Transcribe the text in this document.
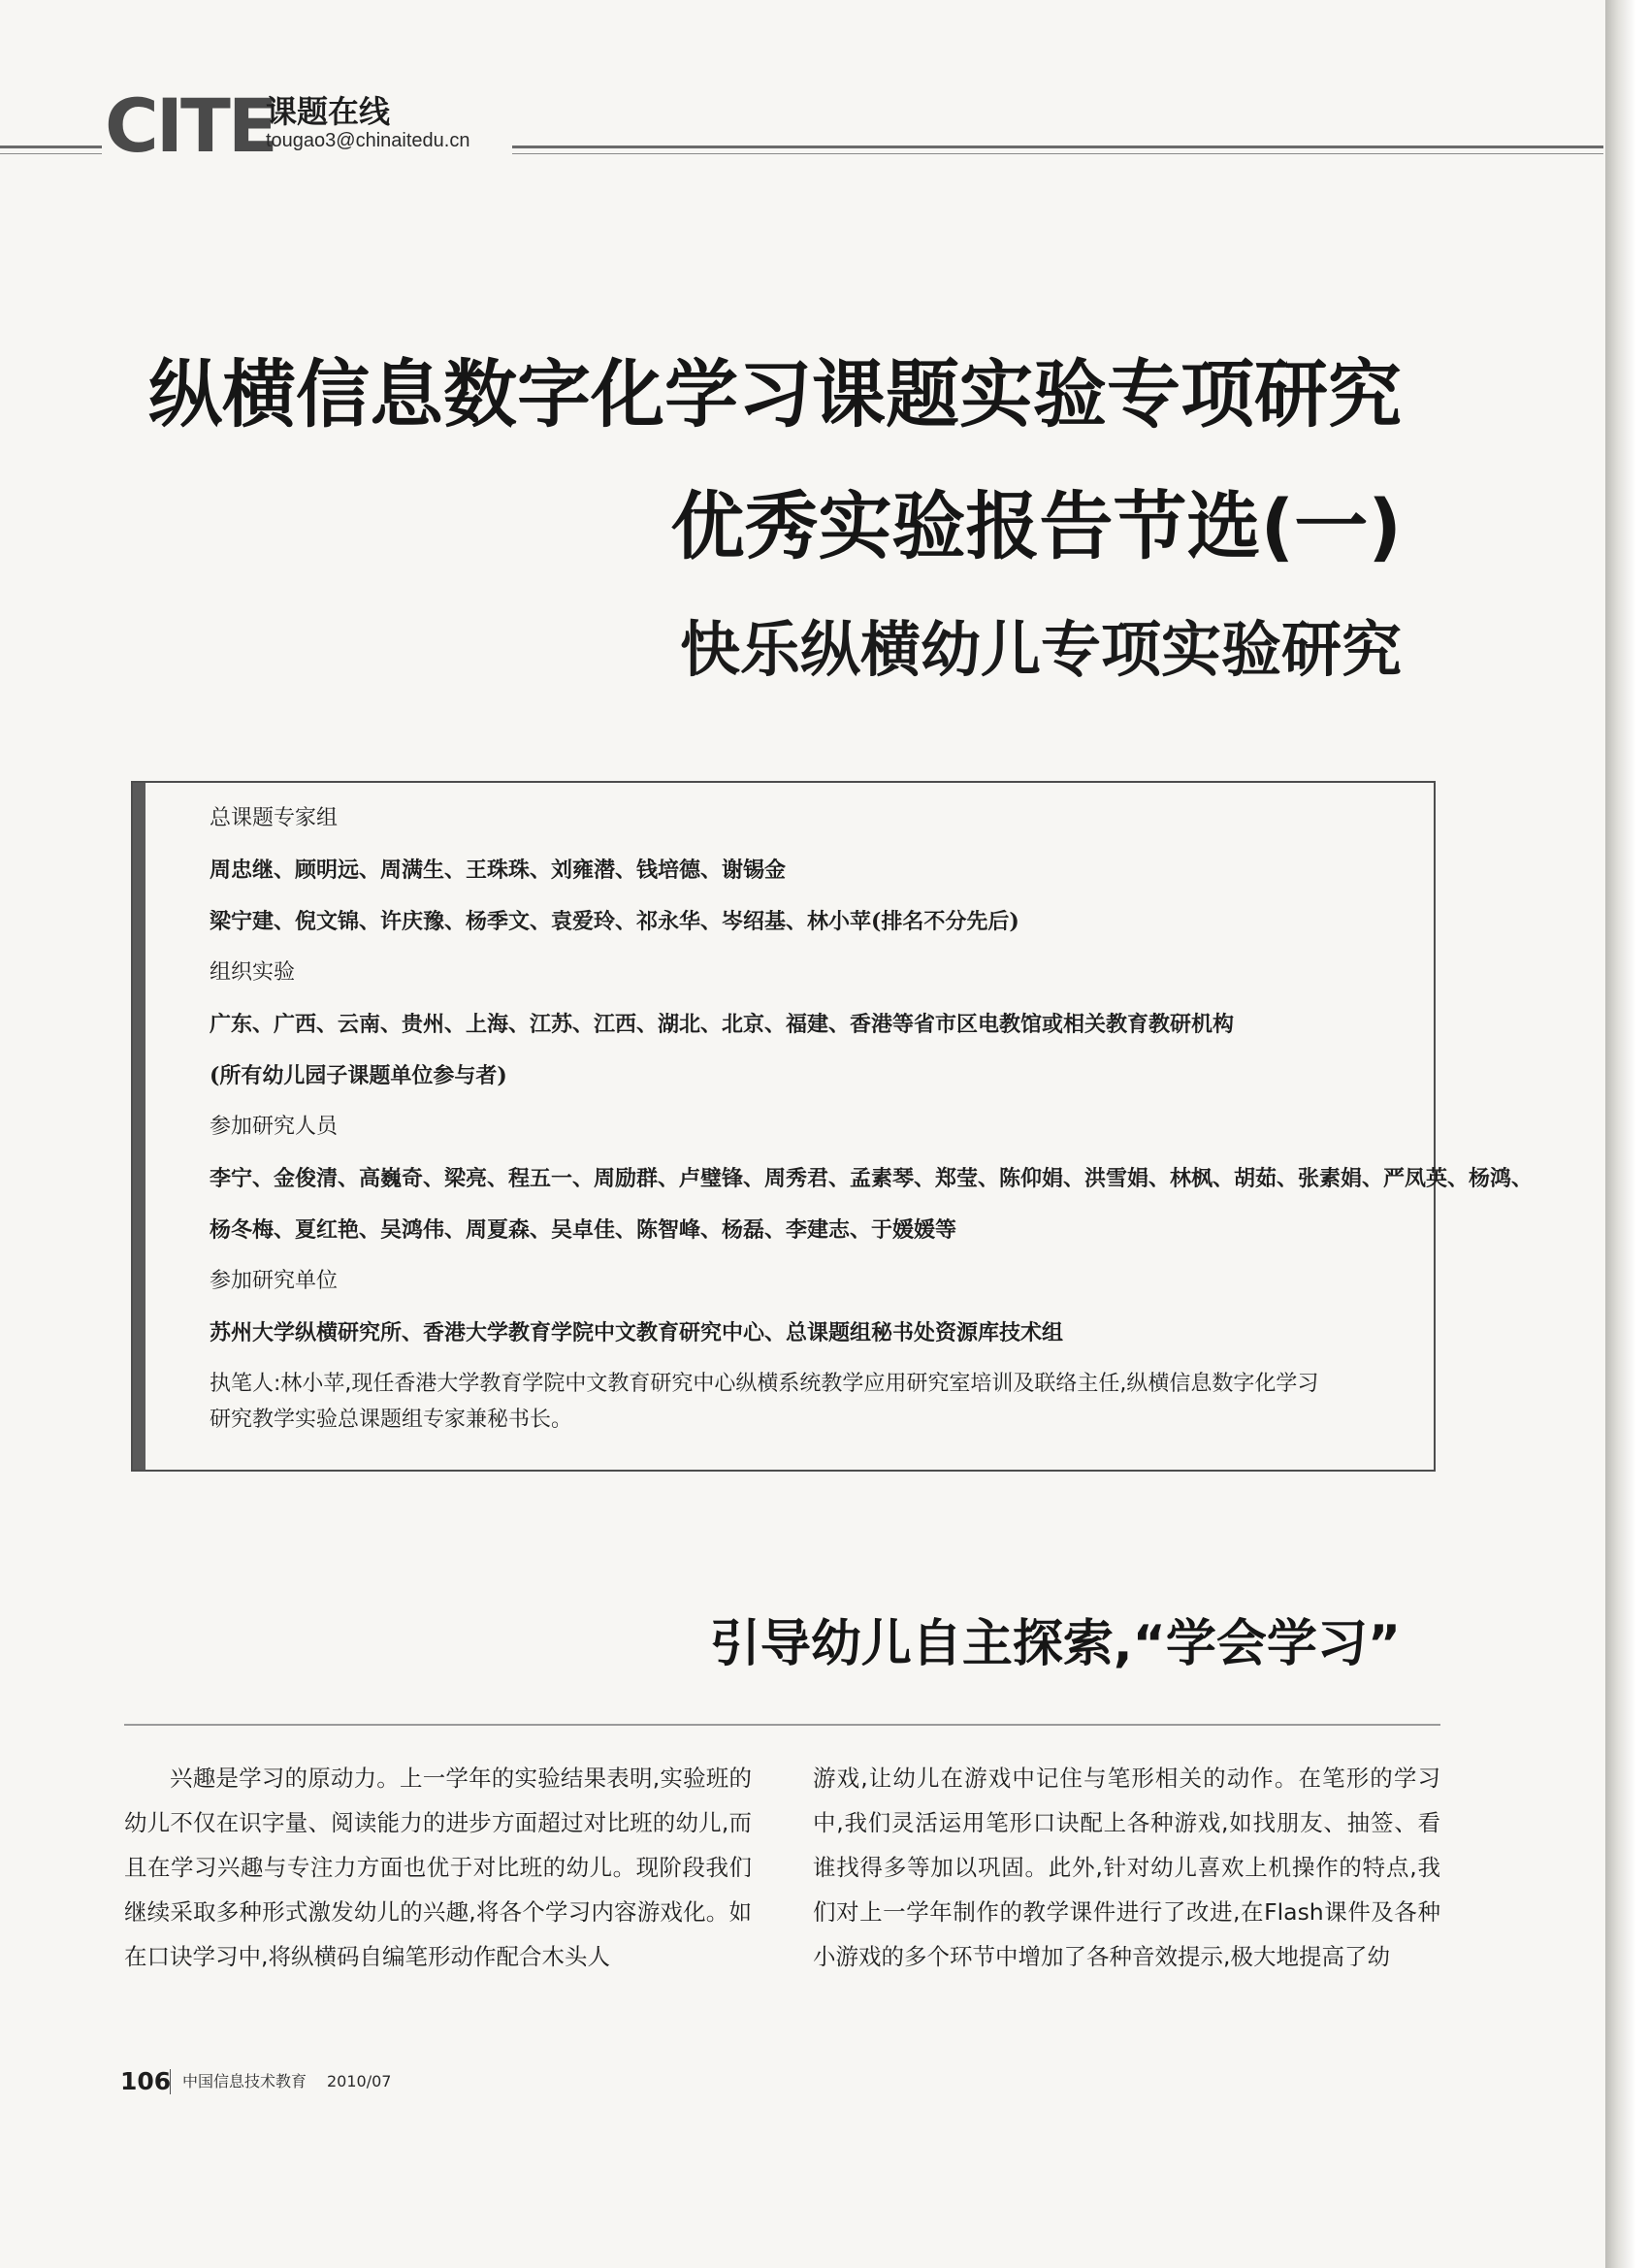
CITE
课题在线
tougao3@chinaitedu.cn
纵横信息数字化学习课题实验专项研究
优秀实验报告节选(一)
快乐纵横幼儿专项实验研究
总课题专家组
周忠继、顾明远、周满生、王珠珠、刘雍潜、钱培德、谢锡金
梁宁建、倪文锦、许庆豫、杨季文、袁爱玲、祁永华、岑绍基、林小苹(排名不分先后)
组织实验
广东、广西、云南、贵州、上海、江苏、江西、湖北、北京、福建、香港等省市区电教馆或相关教育教研机构
(所有幼儿园子课题单位参与者)
参加研究人员
李宁、金俊清、高巍奇、梁亮、程五一、周励群、卢璧锋、周秀君、孟素琴、郑莹、陈仰娟、洪雪娟、林枫、胡茹、张素娟、严凤英、杨鸿、
杨冬梅、夏红艳、吴鸿伟、周夏森、吴卓佳、陈智峰、杨磊、李建志、于媛媛等
参加研究单位
苏州大学纵横研究所、香港大学教育学院中文教育研究中心、总课题组秘书处资源库技术组
执笔人:林小苹,现任香港大学教育学院中文教育研究中心纵横系统教学应用研究室培训及联络主任,纵横信息数字化学习
研究教学实验总课题组专家兼秘书长。
引导幼儿自主探索,“学会学习”

兴趣是学习的原动力。上一学年的实验结果表明,实验班的幼儿不仅在识字量、阅读能力的进步方面超过对比班的幼儿,而且在学习兴趣与专注力方面也优于对比班的幼儿。现阶段我们继续采取多种形式激发幼儿的兴趣,将各个学习内容游戏化。如在口诀学习中,将纵横码自编笔形动作配合木头人

游戏,让幼儿在游戏中记住与笔形相关的动作。在笔形的学习中,我们灵活运用笔形口诀配上各种游戏,如找朋友、抽签、看谁找得多等加以巩固。此外,针对幼儿喜欢上机操作的特点,我们对上一学年制作的教学课件进行了改进,在Flash课件及各种小游戏的多个环节中增加了各种音效提示,极大地提高了幼

106 中国信息技术教育 2010/07
